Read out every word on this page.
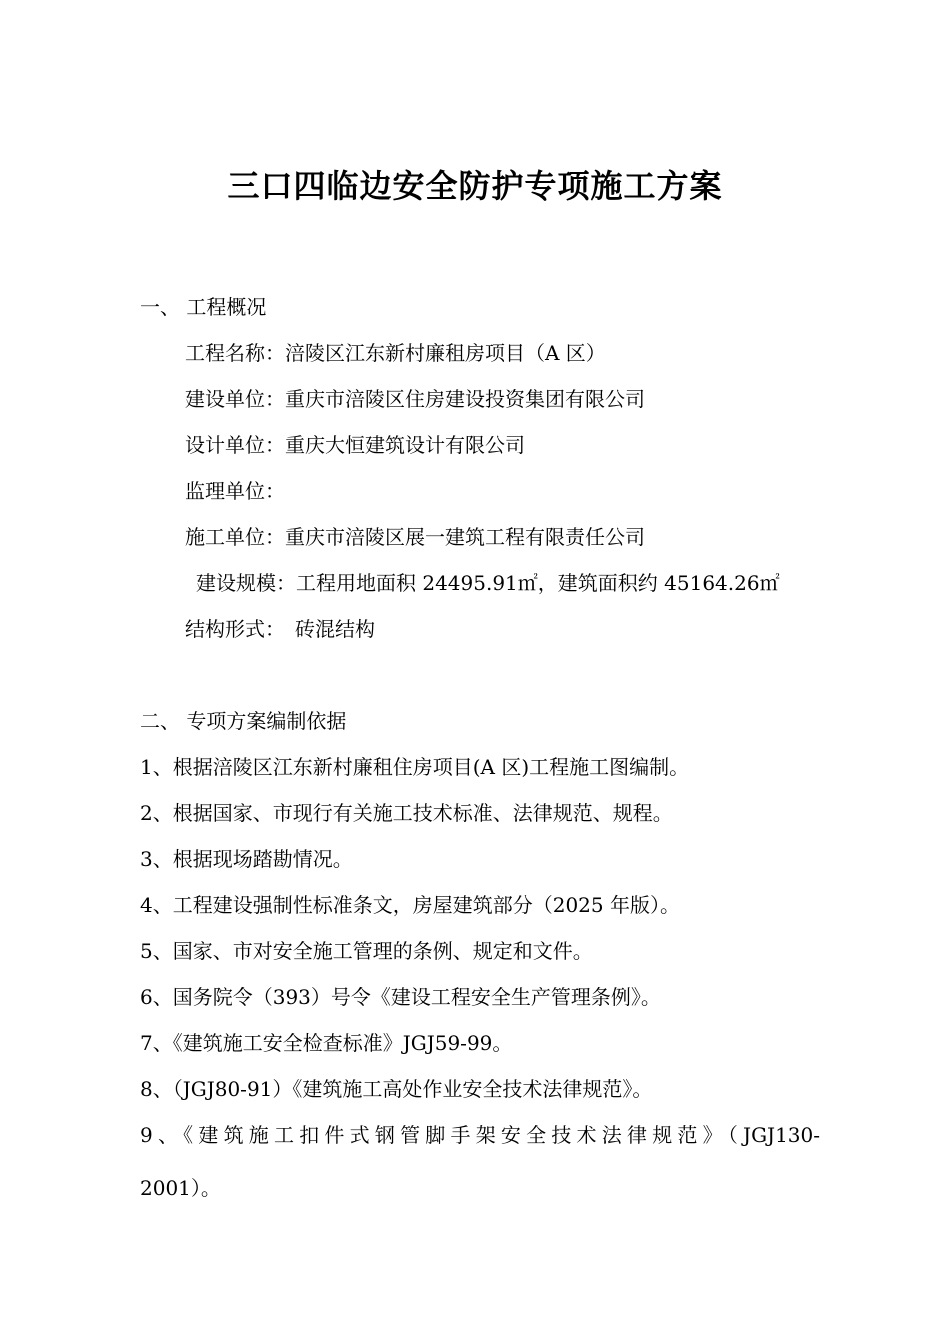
三口四临边安全防护专项施工方案
一、 工程概况
工程名称：涪陵区江东新村廉租房项目（A 区）
建设单位：重庆市涪陵区住房建设投资集团有限公司
设计单位：重庆大恒建筑设计有限公司
监理单位：
施工单位：重庆市涪陵区展一建筑工程有限责任公司
建设规模：工程用地面积 24495.91㎡，建筑面积约 45164.26㎡
结构形式：　砖混结构
二、 专项方案编制依据
1、根据涪陵区江东新村廉租住房项目(A 区)工程施工图编制。
2、根据国家、市现行有关施工技术标准、法律规范、规程。
3、根据现场踏勘情况。
4、工程建设强制性标准条文，房屋建筑部分（2025 年版）。
5、国家、市对安全施工管理的条例、规定和文件。
6、国务院令（393）号令《建设工程安全生产管理条例》。
7、《建筑施工安全检查标准》JGJ59-99。
8、（JGJ80-91）《建筑施工高处作业安全技术法律规范》。
9、《建筑施工扣件式钢管脚手架安全技术法律规范》（JGJ130-
2001）。
